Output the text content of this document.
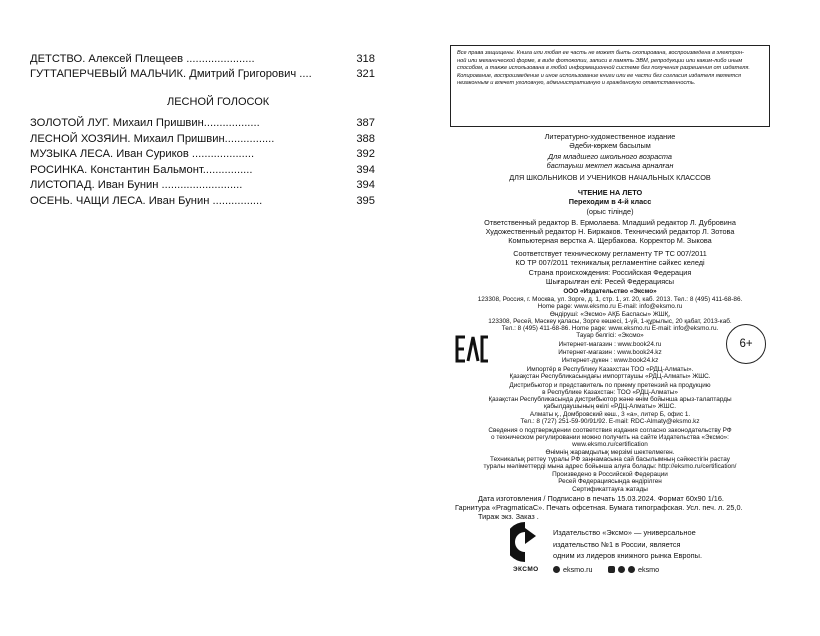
ДЕТСТВО. Алексей Плещеев ......................	318
ГУТТАПЕРЧЕВЫЙ МАЛЬЧИК. Дмитрий Григорович ....	321
ЛЕСНОЙ ГОЛОСОК
ЗОЛОТОЙ ЛУГ. Михаил Пришвин..................	387
ЛЕСНОЙ ХОЗЯИН. Михаил Пришвин................	388
МУЗЫКА ЛЕСА. Иван Суриков ....................	392
РОСИНКА. Константин Бальмонт................	394
ЛИСТОПАД. Иван Бунин ..........................	394
ОСЕНЬ. ЧАЩИ ЛЕСА. Иван Бунин ................	395
Все права защищены. Книга или любая ее часть не может быть скопирована, воспроизведена в электрон-
ной или механической форме, в виде фотокопии, записи в память ЭВМ, репродукции или каким-либо иным
способом, а также использована в любой информационной системе без получения разрешения от издателя.
Копирование, воспроизведение и иное использование книги или ее части без согласия издателя является
незаконным и влечет уголовную, административную и гражданскую ответственность.
Литературно-художественное издание
Әдеби-көркем басылым
Для младшего школьного возраста
бастауыш мектеп жасына арналған
ДЛЯ ШКОЛЬНИКОВ И УЧЕНИКОВ НАЧАЛЬНЫХ КЛАССОВ
ЧТЕНИЕ НА ЛЕТО
Переходим в 4-й класс
(орыс тілінде)
Ответственный редактор В. Ермолаева. Младший редактор Л. Дубровина
Художественный редактор Н. Биржаков. Технический редактор Л. Зотова
Компьютерная верстка А. Щербакова. Корректор М. Зыкова
Соответствует техническому регламенту ТР ТС 007/2011
КО ТР 007/2011 техникалық регламентіне сәйкес келеді
Страна происхождения: Российская Федерация
Шығарылған елі: Ресей Федерациясы
ООО «Издательство «Эксмо»
123308, Россия, г. Москва, ул. Зорге, д. 1, стр. 1, эт. 20, каб. 2013. Тел.: 8 (495) 411-68-86.
Home page: www.eksmo.ru E-mail: info@eksmo.ru
Өндіруші: «Эксмо» АҚБ Баспасы» ЖШҚ,
123308, Ресей, Мәскеу қаласы, Зорге көшесі, 1-үй, 1-құрылыс, 20 қабат, 2013-каб.
Тел.: 8 (495) 411-68-86. Home page: www.eksmo.ru E-mail: info@eksmo.ru.
Тауар белгісі: «Эксмо»
Интернет-магазин : www.book24.ru
Интернет-магазин : www.book24.kz
Интернет-дүкен : www.book24.kz
Импортёр в Республику Казахстан ТОО «РДЦ-Алматы».
Қазақстан Республикасындағы импорттаушы «РДЦ-Алматы» ЖШС.
Дистрибьютор и представитель по приему претензий на продукцию
в Республике Казахстан: ТОО «РДЦ-Алматы»
Қазақстан Республикасында дистрибьютор және өнім бойынша арыз-талаптарды
қабылдаушының өкілі «РДЦ-Алматы» ЖШС.
Алматы қ., Домбровский көш., 3 «а», литер Б, офис 1.
Тел.: 8 (727) 251-59-90/91/92. E-mail: RDC-Almaty@eksmo.kz
Сведения о подтверждении соответствия издания согласно законодательству РФ
о техническом регулировании можно получить на сайте Издательства «Эксмо»:
www.eksmo.ru/certification
Өнімнің жарамдылық мерзімі шектелмеген.
Техникалық реттеу туралы РФ заңнамасына сай басылымның сәйкестігін растау
туралы мәліметтерді мына адрес бойынша алуға болады: http://eksmo.ru/certification/
Произведено в Российской Федерации
Ресей Федерациясында өндірілген
Сертификаттауға жатады
Дата изготовления / Подписано в печать 15.03.2024. Формат 60x90 1/16.
Гарнитура «PragmaticaC». Печать офсетная. Бумага типографская. Усл. печ. л. 25,0.
Тираж экз. Заказ .
6+
ЭКСМО
Издательство «Эксмо» — универсальное
издательство №1 в России, является
одним из лидеров книжного рынка Европы.
eksmo.ru	eksmo
